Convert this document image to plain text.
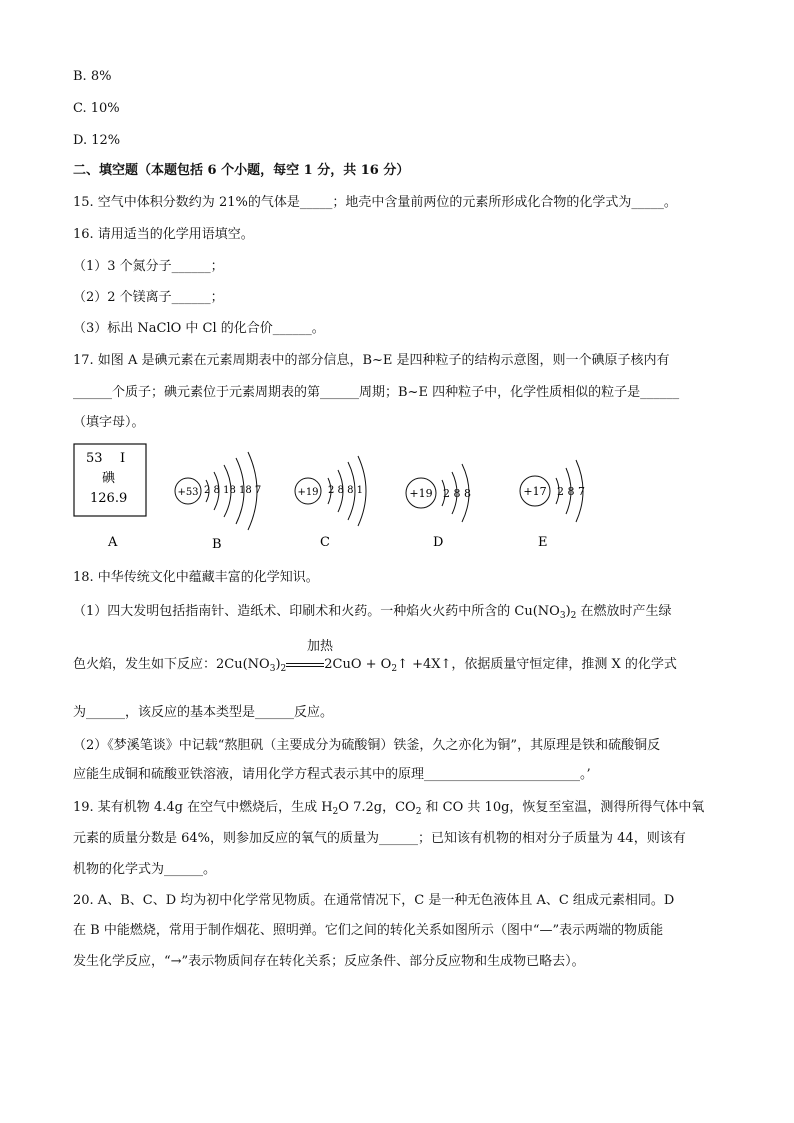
B. 8%
C. 10%
D. 12%
二、填空题（本题包括 6 个小题，每空 1 分，共 16 分）
15. 空气中体积分数约为 21%的气体是_____；地壳中含量前两位的元素所形成化合物的化学式为_____。
16. 请用适当的化学用语填空。
（1）3 个氮分子______；
（2）2 个镁离子______；
（3）标出 NaClO 中 Cl 的化合价______。
17. 如图 A 是碘元素在元素周期表中的部分信息，B~E 是四种粒子的结构示意图，则一个碘原子核内有
______个质子；碘元素位于元素周期表的第______周期；B~E 四种粒子中，化学性质相似的粒子是______
（填字母）。
53 I
碘
126.9	+53 2 8 18 18 7	+19 2 8 8 1	+19 2 8 8	+17 2 8 7
A	B	C	D	E
18. 中华传统文化中蕴藏丰富的化学知识。
（1）四大发明包括指南针、造纸术、印刷术和火药。一种焰火火药中所含的 $Cu(NO_3)_2$ 在燃放时产生绿
加热
色火焰，发生如下反应：$2Cu(NO_3)_2$	$2CuO + O_2↑$ +4X↑，依据质量守恒定律，推测 X 的化学式
为______，该反应的基本类型是______反应。
（2）《梦溪笔谈》中记载“熬胆矾（主要成分为硫酸铜）铁釜，久之亦化为铜”，其原理是铁和硫酸铜反
应能生成铜和硫酸亚铁溶液，请用化学方程式表示其中的原理________________________。’
19. 某有机物 4.4g 在空气中燃烧后，生成 $H_2O$ 7.2g，$CO_2$ 和 CO 共 10g，恢复至室温，测得所得气体中氧
元素的质量分数是 64%，则参加反应的氧气的质量为______；已知该有机物的相对分子质量为 44，则该有
机物的化学式为______。
20. A、B、C、D 均为初中化学常见物质。在通常情况下，C 是一种无色液体且 A、C 组成元素相同。D
在 B 中能燃烧，常用于制作烟花、照明弹。它们之间的转化关系如图所示（图中“—”表示两端的物质能
发生化学反应，“→”表示物质间存在转化关系；反应条件、部分反应物和生成物已略去）。
